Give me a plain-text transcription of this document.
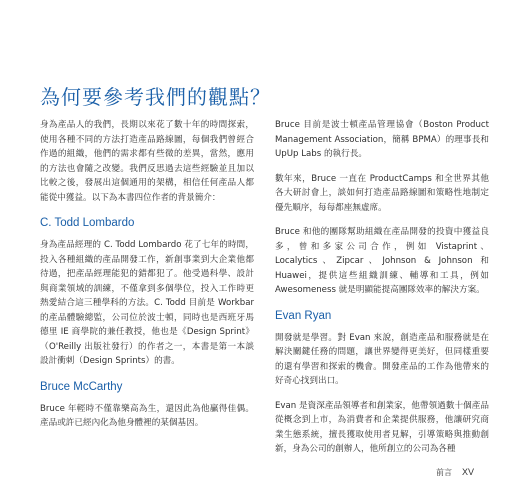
為何要參考我們的觀點？

身為產品人的我們，長期以來花了數十年的時間探索，使用各種不同的方法打造產品路線圖，每個我們曾經合作過的組織，他們的需求都有些微的差異，當然，應用的方法也會隨之改變。我們反思過去這些經驗並且加以比較之後，發展出這個通用的架構，相信任何產品人都能從中獲益。以下為本書四位作者的背景簡介：

C. Todd Lombardo

身為產品經理的 C. Todd Lombardo 花了七年的時間，投入各種組織的產品開發工作，新創事業到大企業他都待過，把產品經理能犯的錯都犯了。他受過科學、設計與商業領域的訓練，不僅拿到多個學位，投入工作時更熱愛結合這三種學科的方法。C. Todd 目前是 Workbar 的產品體驗總監，公司位於波士頓，同時也是西班牙馬德里 IE 商學院的兼任教授，他也是《Design Sprint》（O'Reilly 出版社發行）的作者之一，本書是第一本談設計衝刺（Design Sprints）的書。

Bruce McCarthy

Bruce 年輕時不僅靠樂高為生，還因此為他贏得佳偶。產品或許已經內化為他身體裡的某個基因。

Bruce 目前是波士頓產品管理協會（Boston Product Management Association，簡稱 BPMA）的理事長和 UpUp Labs 的執行長。

數年來，Bruce 一直在 ProductCamps 和全世界其他各大研討會上，談如何打造產品路線圖和策略性地制定優先順序，每每都座無虛席。

Bruce 和他的團隊幫助組織在產品開發的投資中獲益良多，曾和多家公司合作，例如 Vistaprint、Localytics、Zipcar、Johnson & Johnson 和 Huawei，提供這些組織訓練、輔導和工具，例如 Awesomeness 就是明顯能提高團隊效率的解決方案。

Evan Ryan

開發就是學習。對 Evan 來說，創造產品和服務就是在解決關鍵任務的問題，讓世界變得更美好，但同樣重要的還有學習和探索的機會。開發產品的工作為他帶來的好奇心找到出口。

Evan 是資深產品領導者和創業家，他帶領過數十個產品從概念到上市，為消費者和企業提供服務，他讓研究商業生態系統，擅長獲取使用者見解，引導策略與推動創新，身為公司的創辦人，他所創立的公司為各種

前言 XV
